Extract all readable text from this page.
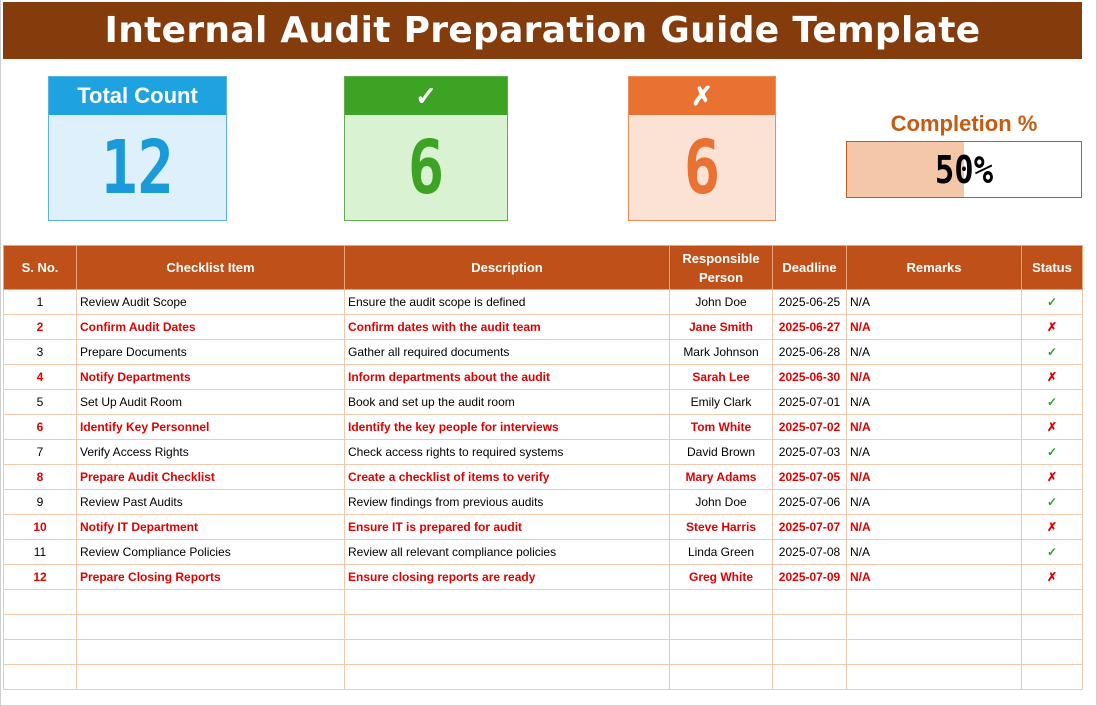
Internal Audit Preparation Guide Template
Total Count
12
✓
6
✗
6
Completion %
50%
S. No.	Checklist Item	Description	Responsible Person	Deadline	Remarks	Status
1	Review Audit Scope	Ensure the audit scope is defined	John Doe	2025-06-25	N/A	✓
2	Confirm Audit Dates	Confirm dates with the audit team	Jane Smith	2025-06-27	N/A	✗
3	Prepare Documents	Gather all required documents	Mark Johnson	2025-06-28	N/A	✓
4	Notify Departments	Inform departments about the audit	Sarah Lee	2025-06-30	N/A	✗
5	Set Up Audit Room	Book and set up the audit room	Emily Clark	2025-07-01	N/A	✓
6	Identify Key Personnel	Identify the key people for interviews	Tom White	2025-07-02	N/A	✗
7	Verify Access Rights	Check access rights to required systems	David Brown	2025-07-03	N/A	✓
8	Prepare Audit Checklist	Create a checklist of items to verify	Mary Adams	2025-07-05	N/A	✗
9	Review Past Audits	Review findings from previous audits	John Doe	2025-07-06	N/A	✓
10	Notify IT Department	Ensure IT is prepared for audit	Steve Harris	2025-07-07	N/A	✗
11	Review Compliance Policies	Review all relevant compliance policies	Linda Green	2025-07-08	N/A	✓
12	Prepare Closing Reports	Ensure closing reports are ready	Greg White	2025-07-09	N/A	✗
